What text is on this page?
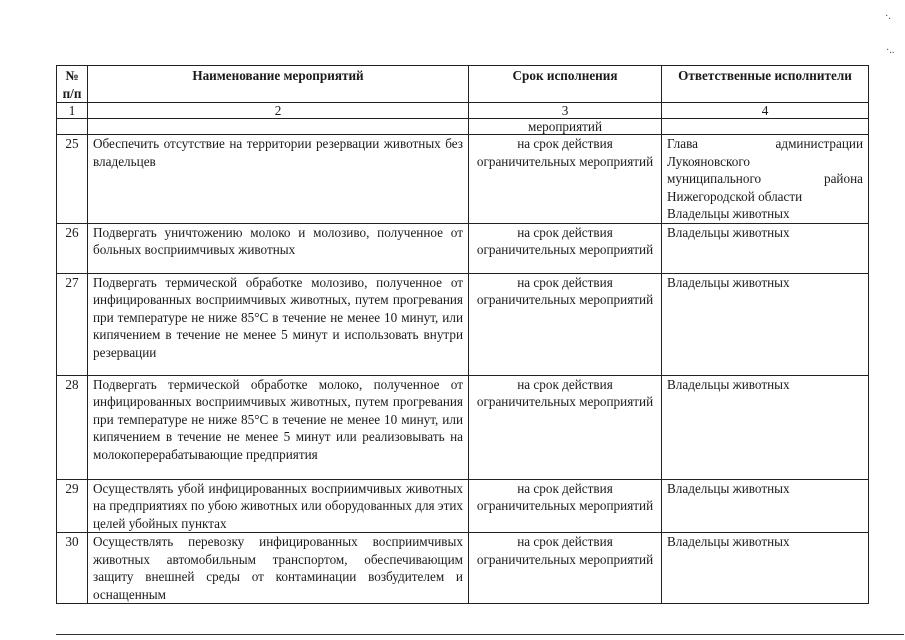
·.
·..
№ п/п	Наименование мероприятий	Срок исполнения	Ответственные исполнители
1	2	3	4
		мероприятий	
25	Обеспечить отсутствие на территории резервации животных без владельцев	на срок действия ограничительных мероприятий	Глава администрации
Лукояновского
муниципального района
Нижегородской области
Владельцы животных

26	Подвергать уничтожению молоко и молозиво, полученное от больных восприимчивых животных	на срок действия ограничительных мероприятий	Владельцы животных

27	Подвергать термической обработке молозиво, полученное от инфицированных восприимчивых животных, путем прогревания при температуре не ниже 85°С в течение не менее 10 минут, или кипячением в течение не менее 5 минут и использовать внутри резервации	на срок действия ограничительных мероприятий	Владельцы животных

28	Подвергать термической обработке молоко, полученное от инфицированных восприимчивых животных, путем прогревания при температуре не ниже 85°С в течение не менее 10 минут, или кипячением в течение не менее 5 минут или реализовывать на молокоперерабатывающие предприятия	на срок действия ограничительных мероприятий	Владельцы животных

29	Осуществлять убой инфицированных восприимчивых животных на предприятиях по убою животных или оборудованных для этих целей убойных пунктах	на срок действия ограничительных мероприятий	Владельцы животных

30	Осуществлять перевозку инфицированных восприимчивых животных автомобильным транспортом, обеспечивающим защиту внешней среды от контаминации возбудителем и оснащенным	на срок действия ограничительных мероприятий	Владельцы животных
